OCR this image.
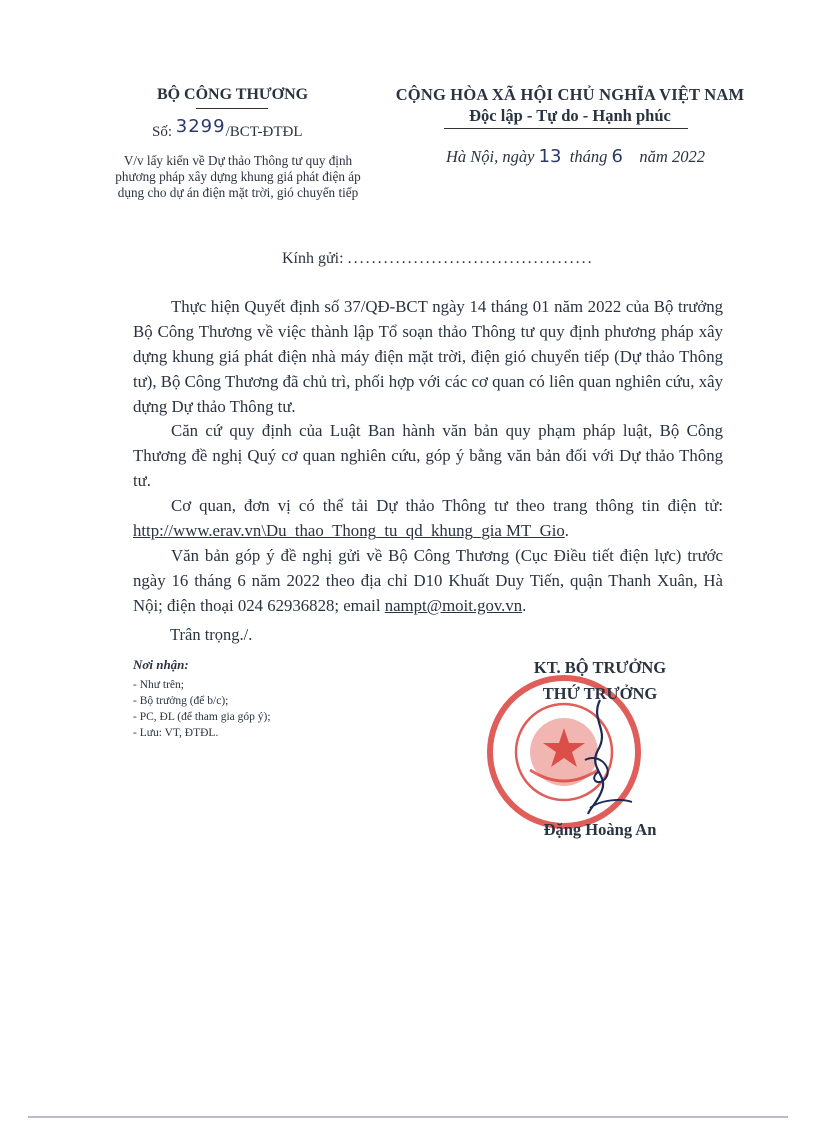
BỘ CÔNG THƯƠNG
Số: 3299/BCT-ĐTĐL
V/v lấy kiến về Dự thảo Thông tư quy định phương pháp xây dựng khung giá phát điện áp dụng cho dự án điện mặt trời, gió chuyển tiếp
CỘNG HÒA XÃ HỘI CHỦ NGHĨA VIỆT NAM
Độc lập - Tự do - Hạnh phúc
Hà Nội, ngày 13 tháng 6 năm 2022
Kính gửi: .........................................
Thực hiện Quyết định số 37/QĐ-BCT ngày 14 tháng 01 năm 2022 của Bộ trưởng Bộ Công Thương về việc thành lập Tổ soạn thảo Thông tư quy định phương pháp xây dựng khung giá phát điện nhà máy điện mặt trời, điện gió chuyển tiếp (Dự thảo Thông tư), Bộ Công Thương đã chủ trì, phối hợp với các cơ quan có liên quan nghiên cứu, xây dựng Dự thảo Thông tư.
Căn cứ quy định của Luật Ban hành văn bản quy phạm pháp luật, Bộ Công Thương đề nghị Quý cơ quan nghiên cứu, góp ý bằng văn bản đối với Dự thảo Thông tư.
Cơ quan, đơn vị có thể tải Dự thảo Thông tư theo trang thông tin điện tử: http://www.erav.vn\Du_thao_Thong_tu_qd_khung_gia MT_Gio.
Văn bản góp ý đề nghị gửi về Bộ Công Thương (Cục Điều tiết điện lực) trước ngày 16 tháng 6 năm 2022 theo địa chỉ D10 Khuất Duy Tiến, quận Thanh Xuân, Hà Nội; điện thoại 024 62936828; email nampt@moit.gov.vn.
Trân trọng./.
Nơi nhận:
- Như trên;
- Bộ trưởng (để b/c);
- PC, ĐL (để tham gia góp ý);
- Lưu: VT, ĐTĐL.
KT. BỘ TRƯỞNG
THỨ TRƯỞNG
Đặng Hoàng An
